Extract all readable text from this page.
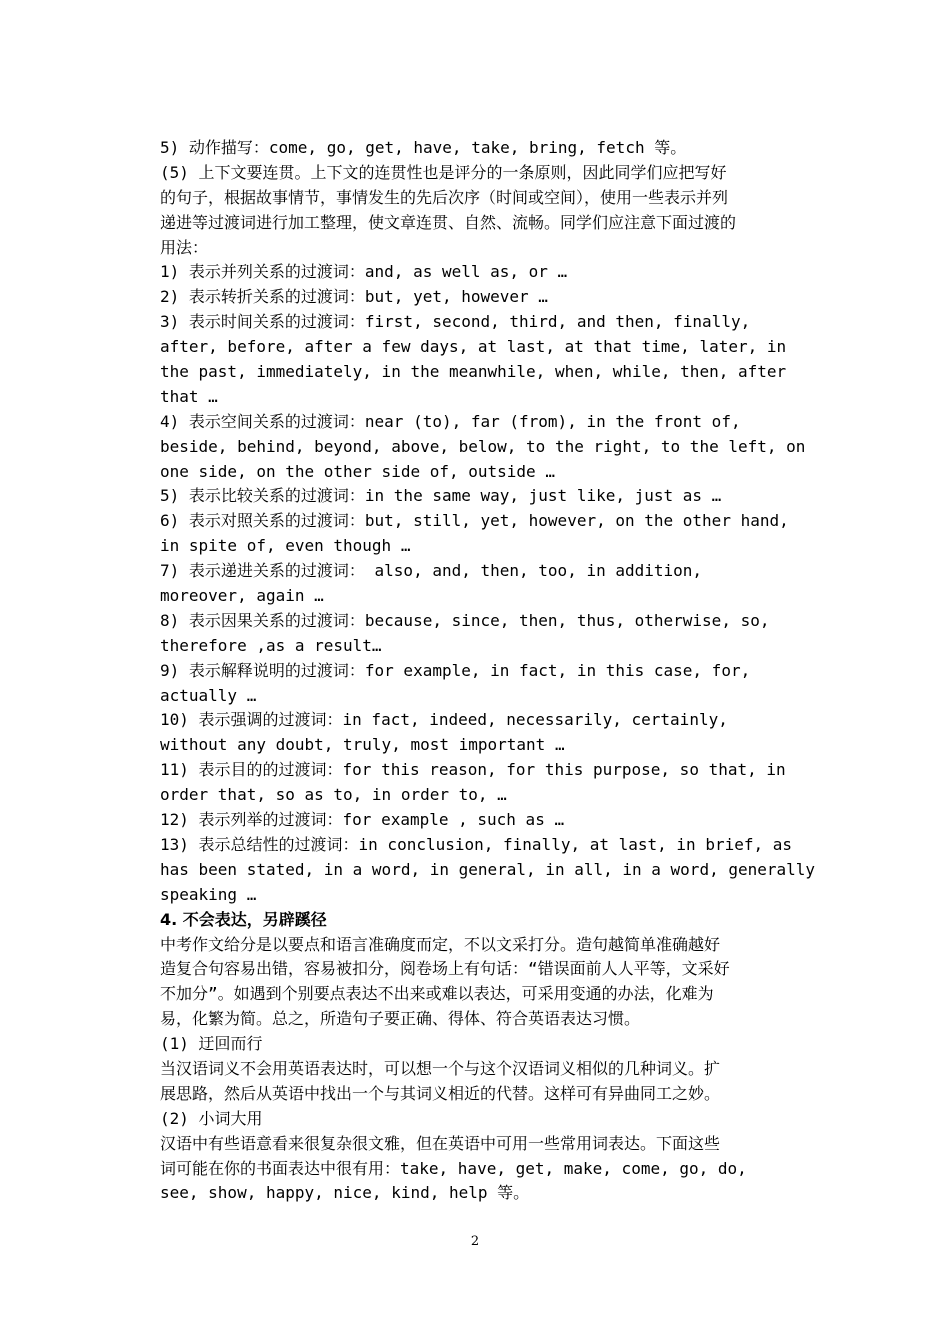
5) 动作描写：come, go, get, have, take, bring, fetch 等。
(5) 上下文要连贯。上下文的连贯性也是评分的一条原则，因此同学们应把写好
的句子，根据故事情节，事情发生的先后次序（时间或空间），使用一些表示并列
递进等过渡词进行加工整理，使文章连贯、自然、流畅。同学们应注意下面过渡的
用法：
1) 表示并列关系的过渡词：and, as well as, or …
2) 表示转折关系的过渡词：but, yet, however …
3) 表示时间关系的过渡词：first, second, third, and then, finally,
after, before, after a few days, at last, at that time, later, in
the past, immediately, in the meanwhile, when, while, then, after
that …
4) 表示空间关系的过渡词：near (to), far (from), in the front of,
beside, behind, beyond, above, below, to the right, to the left, on
one side, on the other side of, outside …
5) 表示比较关系的过渡词：in the same way, just like, just as …
6) 表示对照关系的过渡词：but, still, yet, however, on the other hand,
in spite of, even though …
7) 表示递进关系的过渡词： also, and, then, too, in addition,
moreover, again …
8) 表示因果关系的过渡词：because, since, then, thus, otherwise, so,
therefore ,as a result…
9) 表示解释说明的过渡词：for example, in fact, in this case, for,
actually …
10) 表示强调的过渡词：in fact, indeed, necessarily, certainly,
without any doubt, truly, most important …
11) 表示目的的过渡词：for this reason, for this purpose, so that, in
order that, so as to, in order to, …
12) 表示列举的过渡词：for example , such as …
13) 表示总结性的过渡词：in conclusion, finally, at last, in brief, as
has been stated, in a word, in general, in all, in a word, generally
speaking …
4. 不会表达，另辟蹊径
中考作文给分是以要点和语言准确度而定，不以文采打分。造句越简单准确越好
造复合句容易出错，容易被扣分，阅卷场上有句话：“错误面前人人平等，文采好
不加分”。如遇到个别要点表达不出来或难以表达，可采用变通的办法，化难为
易，化繁为简。总之，所造句子要正确、得体、符合英语表达习惯。
(1) 迂回而行
当汉语词义不会用英语表达时，可以想一个与这个汉语词义相似的几种词义。扩
展思路，然后从英语中找出一个与其词义相近的代替。这样可有异曲同工之妙。
(2) 小词大用
汉语中有些语意看来很复杂很文雅，但在英语中可用一些常用词表达。下面这些
词可能在你的书面表达中很有用：take, have, get, make, come, go, do,
see, show, happy, nice, kind, help 等。
2
